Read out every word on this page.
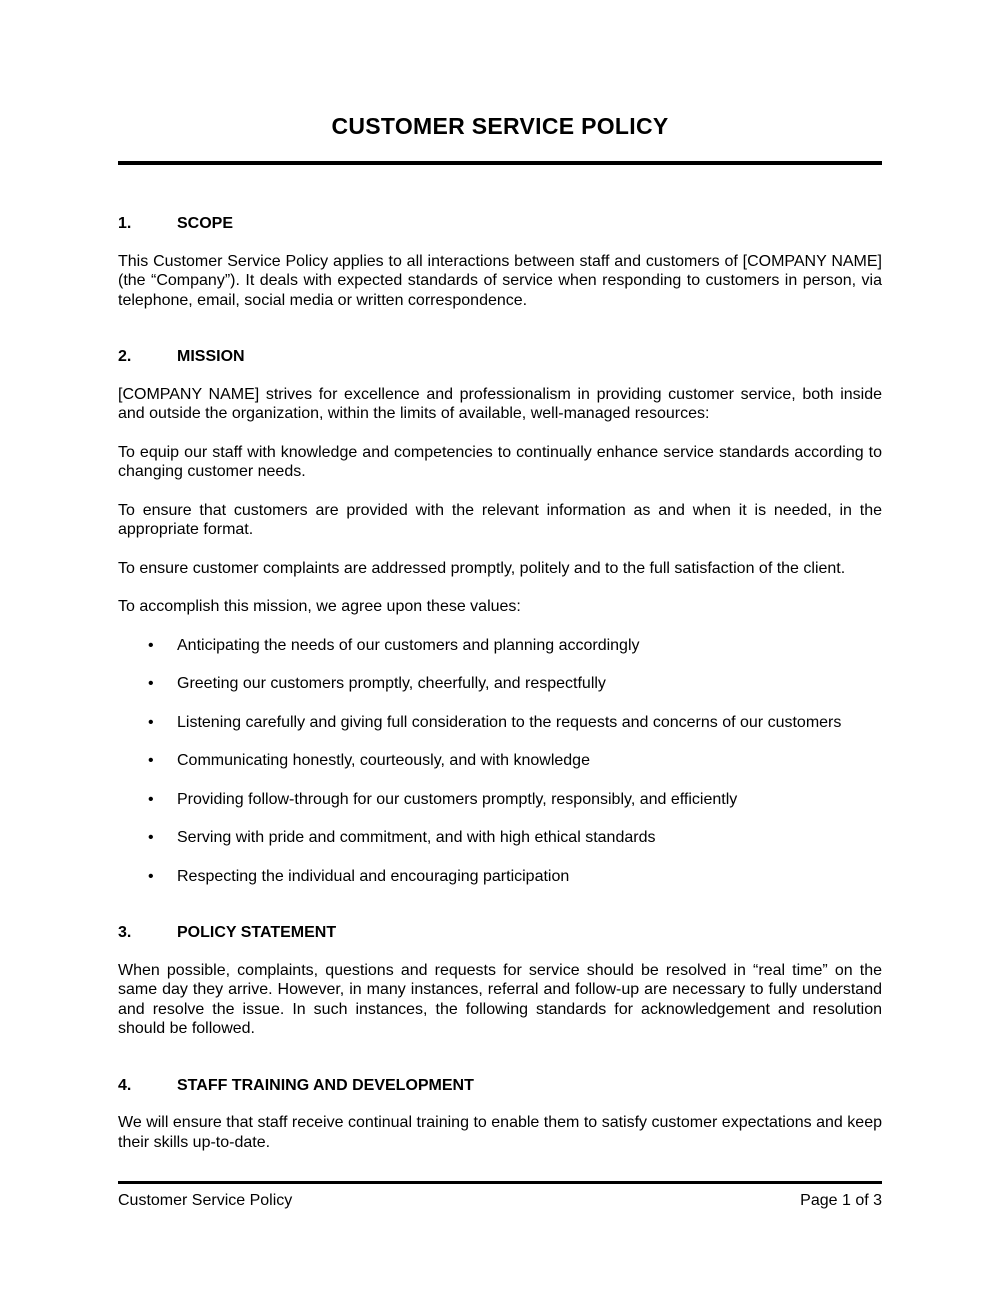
CUSTOMER SERVICE POLICY
1.	SCOPE

This Customer Service Policy applies to all interactions between staff and customers of [COMPANY NAME] (the “Company”). It deals with expected standards of service when responding to customers in person, via telephone, email, social media or written correspondence.

2.	MISSION

[COMPANY NAME] strives for excellence and professionalism in providing customer service, both inside and outside the organization, within the limits of available, well-managed resources:

To equip our staff with knowledge and competencies to continually enhance service standards according to changing customer needs.

To ensure that customers are provided with the relevant information as and when it is needed, in the appropriate format.

To ensure customer complaints are addressed promptly, politely and to the full satisfaction of the client.

To accomplish this mission, we agree upon these values:

• Anticipating the needs of our customers and planning accordingly
• Greeting our customers promptly, cheerfully, and respectfully
• Listening carefully and giving full consideration to the requests and concerns of our customers
• Communicating honestly, courteously, and with knowledge
• Providing follow-through for our customers promptly, responsibly, and efficiently
• Serving with pride and commitment, and with high ethical standards
• Respecting the individual and encouraging participation
3.	POLICY STATEMENT

When possible, complaints, questions and requests for service should be resolved in “real time” on the same day they arrive. However, in many instances, referral and follow-up are necessary to fully understand and resolve the issue. In such instances, the following standards for acknowledgement and resolution should be followed.

4.	STAFF TRAINING AND DEVELOPMENT

We will ensure that staff receive continual training to enable them to satisfy customer expectations and keep their skills up-to-date.

Customer Service Policy	Page 1 of 3
